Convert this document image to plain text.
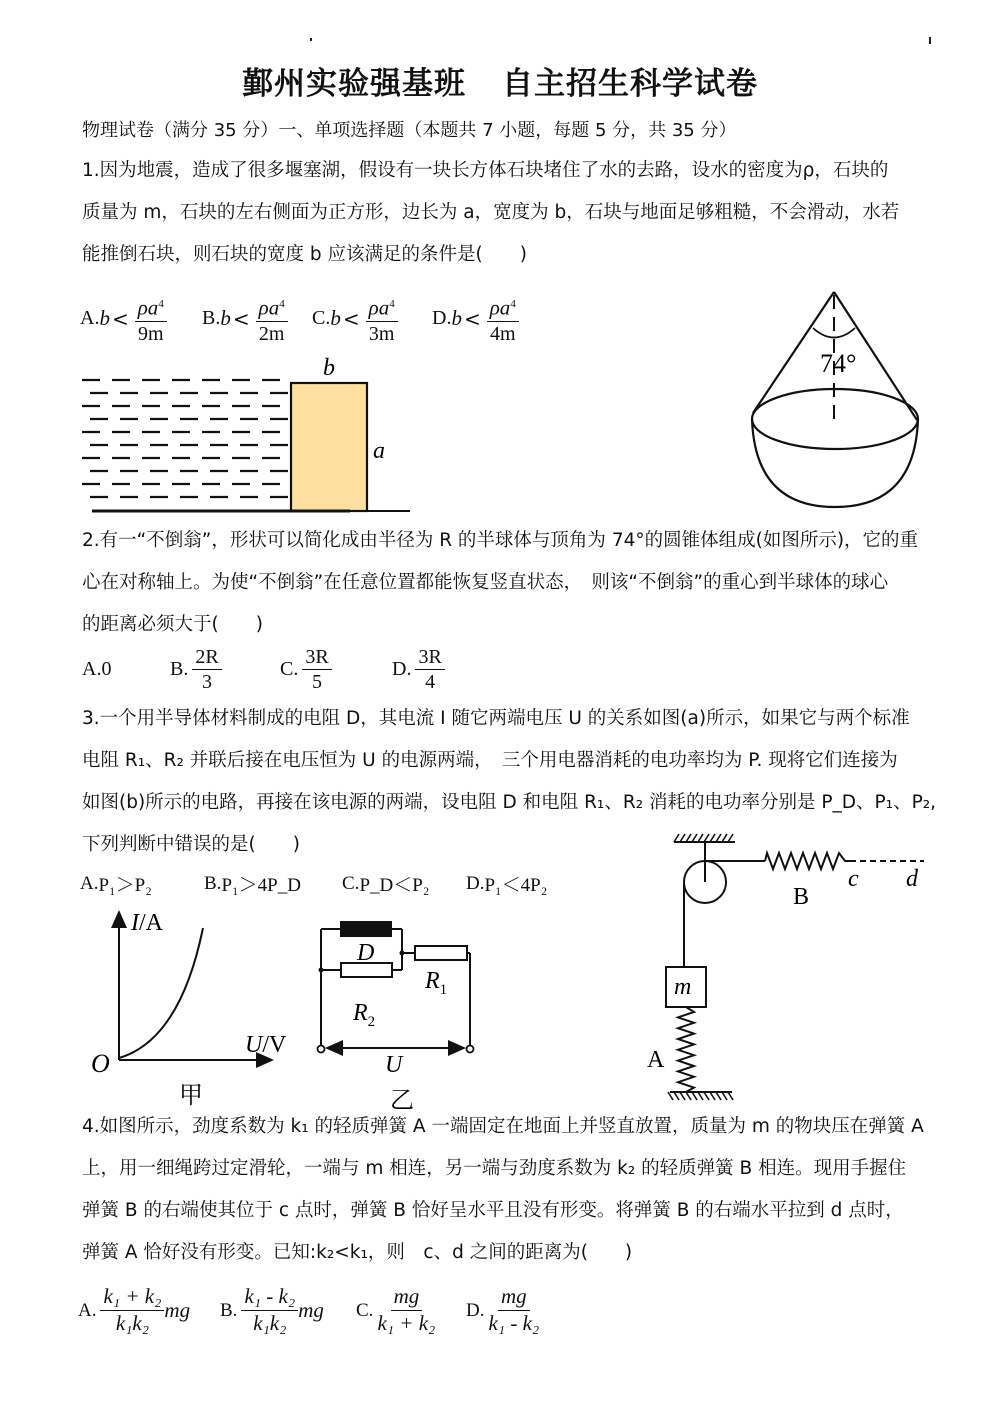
鄞州实验强基班 自主招生科学试卷
物理试卷（满分 35 分）一、单项选择题（本题共 7 小题，每题 5 分，共 35 分）
1.因为地震，造成了很多堰塞湖，假设有一块长方体石块堵住了水的去路，设水的密度为ρ，石块的
质量为 m，石块的左右侧面为正方形，边长为 a，宽度为 b，石块与地面足够粗糙，不会滑动，水若
能推倒石块，则石块的宽度 b 应该满足的条件是(　　)
A. $b < \frac{\rho a^4}{9m} B$. $b < \frac{\rho a^4}{2m} C$. $b < \frac{\rho a^4}{3m} D$. $b < \frac{\rho a^4}{4m}$
b
a
74°
2.有一“不倒翁”，形状可以简化成由半径为 R 的半球体与顶角为 74°的圆锥体组成(如图所示)，它的重
心在对称轴上。为使“不倒翁”在任意位置都能恢复竖直状态，　则该“不倒翁”的重心到半球体的球心
的距离必须大于(　　)
A. 0	B. $\frac{2R}{3}$	C. $\frac{3R}{5}$	D. $\frac{3R}{4}$
3.一个用半导体材料制成的电阻 D，其电流 I 随它两端电压 U 的关系如图(a)所示，如果它与两个标准
电阻 R₁、R₂ 并联后接在电压恒为 U 的电源两端，　三个用电器消耗的电功率均为 P. 现将它们连接为
如图(b)所示的电路，再接在该电源的两端，设电阻 D 和电阻 R₁、R₂ 消耗的电功率分别是 P_D、P₁、P₂,
下列判断中错误的是(　　)
A. P₁＞P₂	B. P₁＞4P_D C. P_D＜P₂ D. P₁＜4P₂
I/A
U/V
O
甲
D
$R_1$
$R_2$
U
乙
m
A
B
c d
4.如图所示，劲度系数为 k₁ 的轻质弹簧 A 一端固定在地面上并竖直放置，质量为 m 的物块压在弹簧 A
上，用一细绳跨过定滑轮，一端与 m 相连，另一端与劲度系数为 k₂ 的轻质弹簧 B 相连。现用手握住
弹簧 B 的右端使其位于 c 点时，弹簧 B 恰好呈水平且没有形变。将弹簧 B 的右端水平拉到 d 点时，
弹簧 A 恰好没有形变。已知:k₂<k₁，则　c、d 之间的距离为(　　)
A. $\frac{\text{k₁ + k₂}}{\text{k₁k₂}}$ mg B. $\frac{\text{k₁ - k₂}}{\text{k₁k₂}}$ mg C. $\frac{mg}{\text{k₁ + k₂}} D$. $\frac{mg}{\text{k₁ - k₂}}$
